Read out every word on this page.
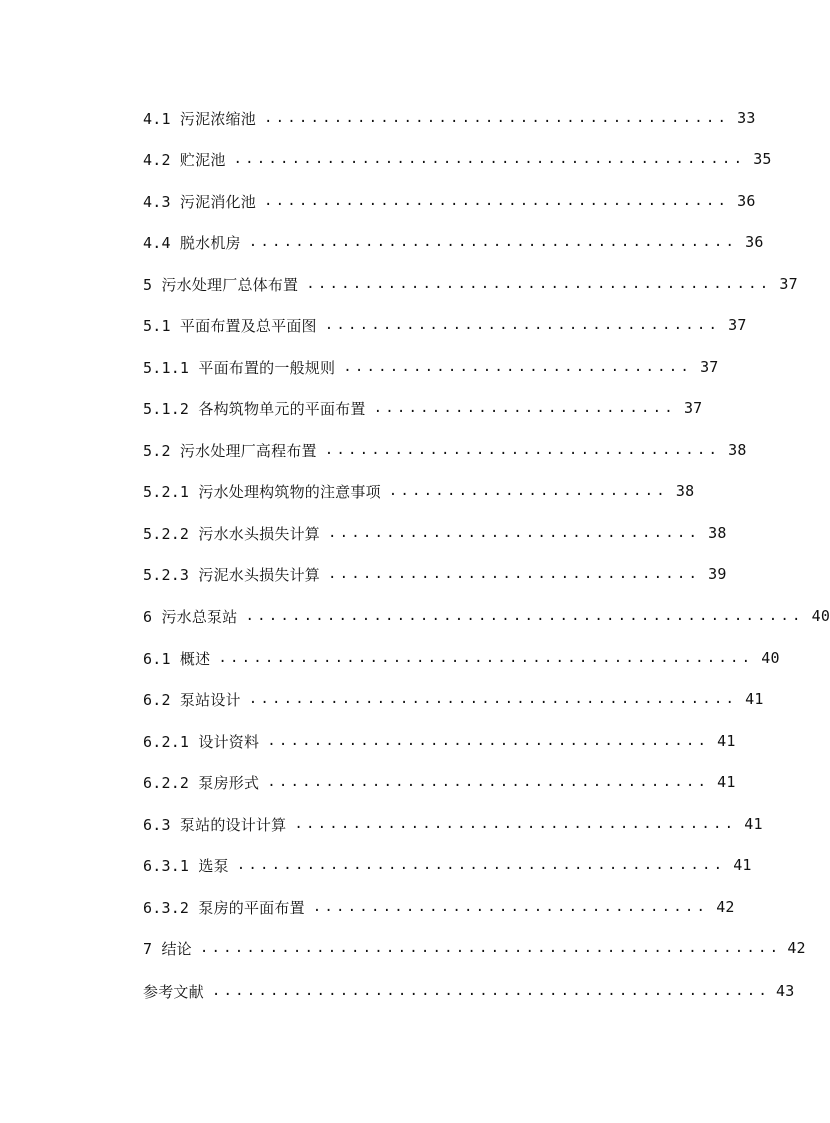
4.1 污泥浓缩池 ........................................ 33
4.2 贮泥池 ............................................ 35
4.3 污泥消化池 ........................................ 36
4.4 脱水机房 .......................................... 36
5 污水处理厂总体布置 ........................................ 37
5.1 平面布置及总平面图 .................................. 37
5.1.1 平面布置的一般规则 .............................. 37
5.1.2 各构筑物单元的平面布置 .......................... 37
5.2 污水处理厂高程布置 .................................. 38
5.2.1 污水处理构筑物的注意事项 ........................ 38
5.2.2 污水水头损失计算 ................................ 38
5.2.3 污泥水头损失计算 ................................ 39
6 污水总泵站 ................................................ 40
6.1 概述 .............................................. 40
6.2 泵站设计 .......................................... 41
6.2.1 设计资料 ...................................... 41
6.2.2 泵房形式 ...................................... 41
6.3 泵站的设计计算 ...................................... 41
6.3.1 选泵 .......................................... 41
6.3.2 泵房的平面布置 .................................. 42
7 结论 .................................................. 42
参考文献 ................................................ 43
